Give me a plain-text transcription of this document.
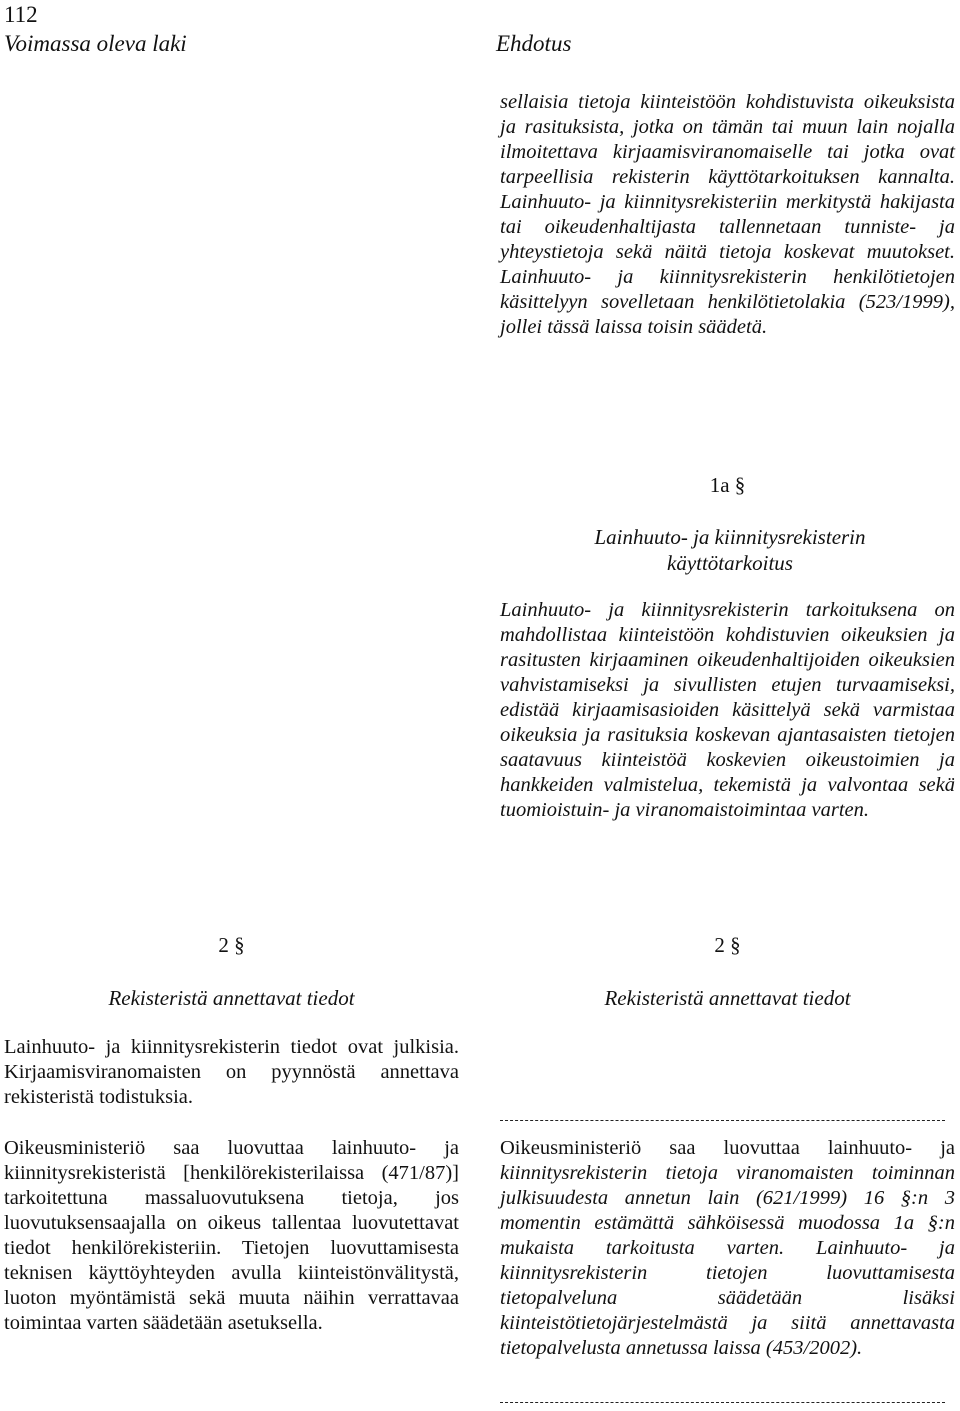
112
Voimassa oleva laki	Ehdotus

sellaisia tietoja kiinteistöön kohdistuvista oikeuksista ja rasituksista, jotka on tämän tai muun lain nojalla ilmoitettava kirjaamisviranomaiselle tai jotka ovat tarpeellisia rekisterin käyttötarkoituksen kannalta. Lainhuuto- ja kiinnitysrekisteriin merkitystä hakijasta tai oikeudenhaltijasta tallennetaan tunniste- ja yhteystietoja sekä näitä tietoja koskevat muutokset. Lainhuuto- ja kiinnitysrekisterin henkilötietojen käsittelyyn sovelletaan henkilötietolakia (523/1999), jollei tässä laissa toisin säädetä.

1a §
Lainhuuto- ja kiinnitysrekisterin käyttötarkoitus

Lainhuuto- ja kiinnitysrekisterin tarkoituksena on mahdollistaa kiinteistöön kohdistuvien oikeuksien ja rasitusten kirjaaminen oikeudenhaltijoiden oikeuksien vahvistamiseksi ja sivullisten etujen turvaamiseksi, edistää kirjaamisasioiden käsittelyä sekä varmistaa oikeuksia ja rasituksia koskevan ajantasaisten tietojen saatavuus kiinteistöä koskevien oikeustoimien ja hankkeiden valmistelua, tekemistä ja valvontaa sekä tuomioistuin- ja viranomaistoimintaa varten.

2 §
Rekisteristä annettavat tiedot

Lainhuuto- ja kiinnitysrekisterin tiedot ovat julkisia. Kirjaamisviranomaisten on pyynnöstä annettava rekisteristä todistuksia.

Oikeusministeriö saa luovuttaa lainhuuto- ja kiinnitysrekisteristä [henkilörekisterilaissa (471/87)] tarkoitettuna massaluovutuksena tietoja, jos luovutuksensaajalla on oikeus tallentaa luovutettavat tiedot henkilörekisteriin. Tietojen luovuttamisesta teknisen käyttöyhteyden avulla kiinteistönvälitystä, luoton myöntämistä sekä muuta näihin verrattavaa toimintaa varten säädetään asetuksella.

2 §
Rekisteristä annettavat tiedot

Oikeusministeriö saa luovuttaa lainhuuto- ja kiinnitysrekisterin tietoja viranomaisten toiminnan julkisuudesta annetun lain (621/1999) 16 §:n 3 momentin estämättä sähköisessä muodossa 1a §:n mukaista tarkoitusta varten. Lainhuuto- ja kiinnitysrekisterin tietojen luovuttamisesta tietopalveluna säädetään lisäksi kiinteistötietojärjestelmästä ja siitä annettavasta tietopalvelusta annetussa laissa (453/2002).
